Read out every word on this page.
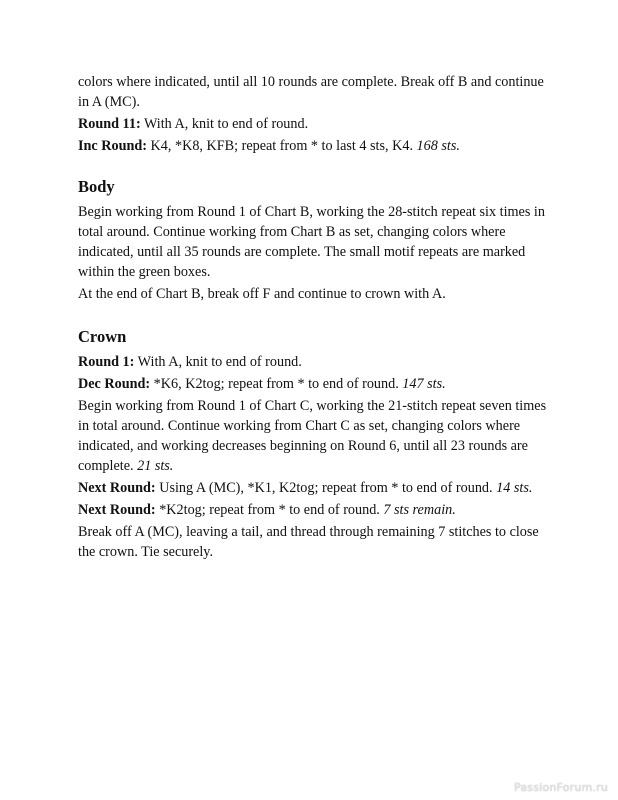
colors where indicated, until all 10 rounds are complete. Break off B and continue in A (MC).

Round 11: With A, knit to end of round.

Inc Round: K4, *K8, KFB; repeat from * to last 4 sts, K4. 168 sts.

Body

Begin working from Round 1 of Chart B, working the 28-stitch repeat six times in total around. Continue working from Chart B as set, changing colors where indicated, until all 35 rounds are complete. The small motif repeats are marked within the green boxes.

At the end of Chart B, break off F and continue to crown with A.

Crown

Round 1: With A, knit to end of round.

Dec Round: *K6, K2tog; repeat from * to end of round. 147 sts.

Begin working from Round 1 of Chart C, working the 21-stitch repeat seven times in total around. Continue working from Chart C as set, changing colors where indicated, and working decreases beginning on Round 6, until all 23 rounds are complete. 21 sts.

Next Round: Using A (MC), *K1, K2tog; repeat from * to end of round. 14 sts.

Next Round: *K2tog; repeat from * to end of round. 7 sts remain.

Break off A (MC), leaving a tail, and thread through remaining 7 stitches to close the crown. Tie securely.

PassionForum.ru
